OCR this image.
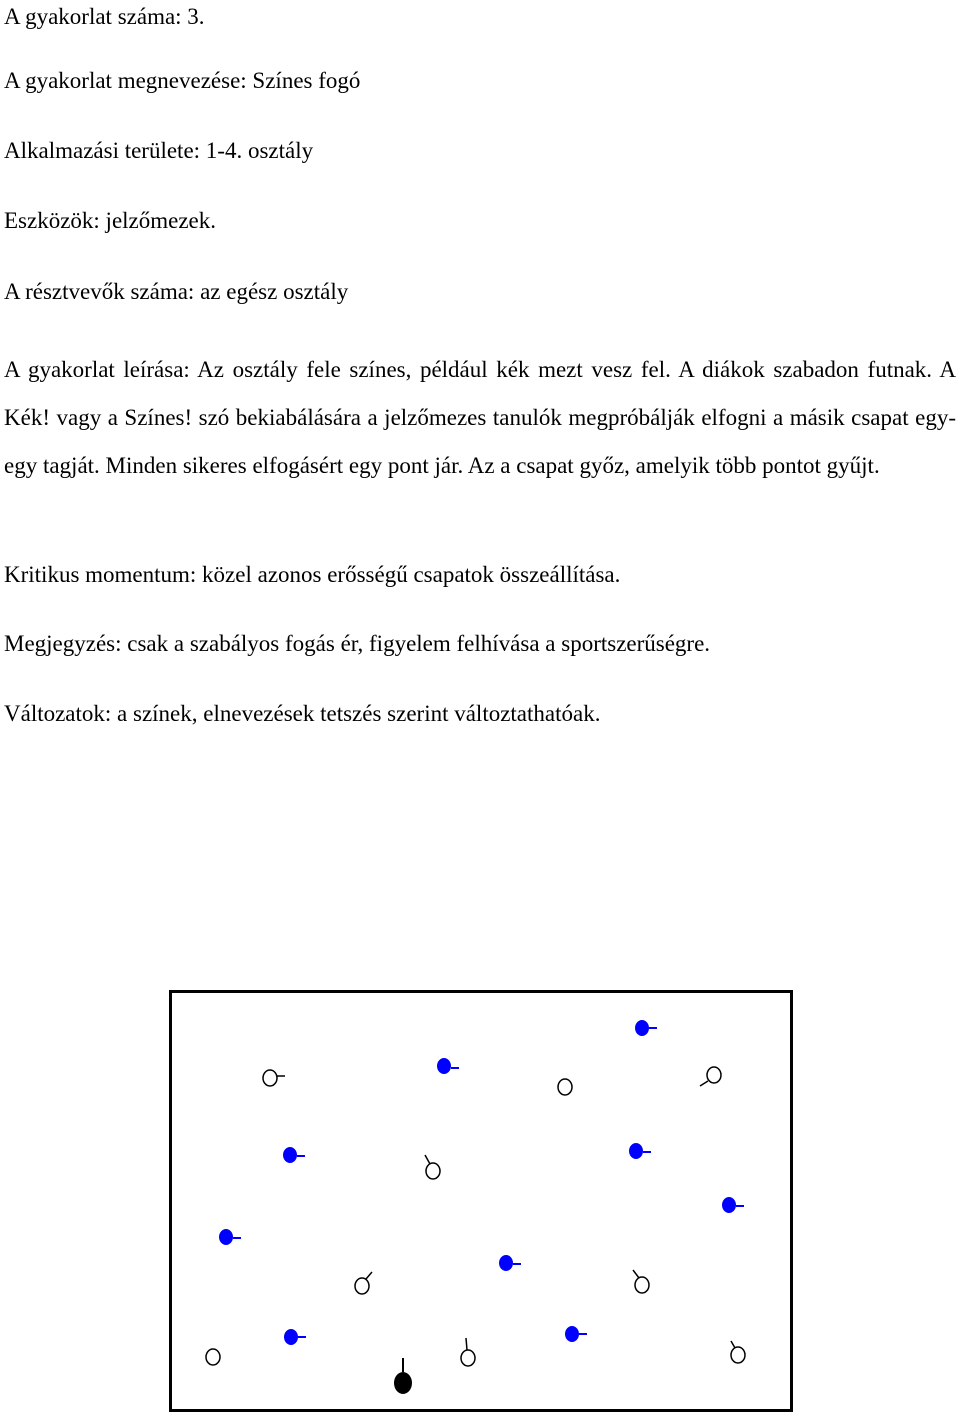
A gyakorlat száma: 3.

A gyakorlat megnevezése: Színes fogó

Alkalmazási területe: 1-4. osztály

Eszközök: jelzőmezek.

A résztvevők száma: az egész osztály

A gyakorlat leírása: Az osztály fele színes, például kék mezt vesz fel. A diákok szabadon futnak. A Kék! vagy a Színes! szó bekiabálására a jelzőmezes tanulók megpróbálják elfogni a másik csapat egy-egy tagját. Minden sikeres elfogásért egy pont jár. Az a csapat győz, amelyik több pontot gyűjt.

Kritikus momentum: közel azonos erősségű csapatok összeállítása.

Megjegyzés: csak a szabályos fogás ér, figyelem felhívása a sportszerűségre.

Változatok: a színek, elnevezések tetszés szerint változtathatóak.
